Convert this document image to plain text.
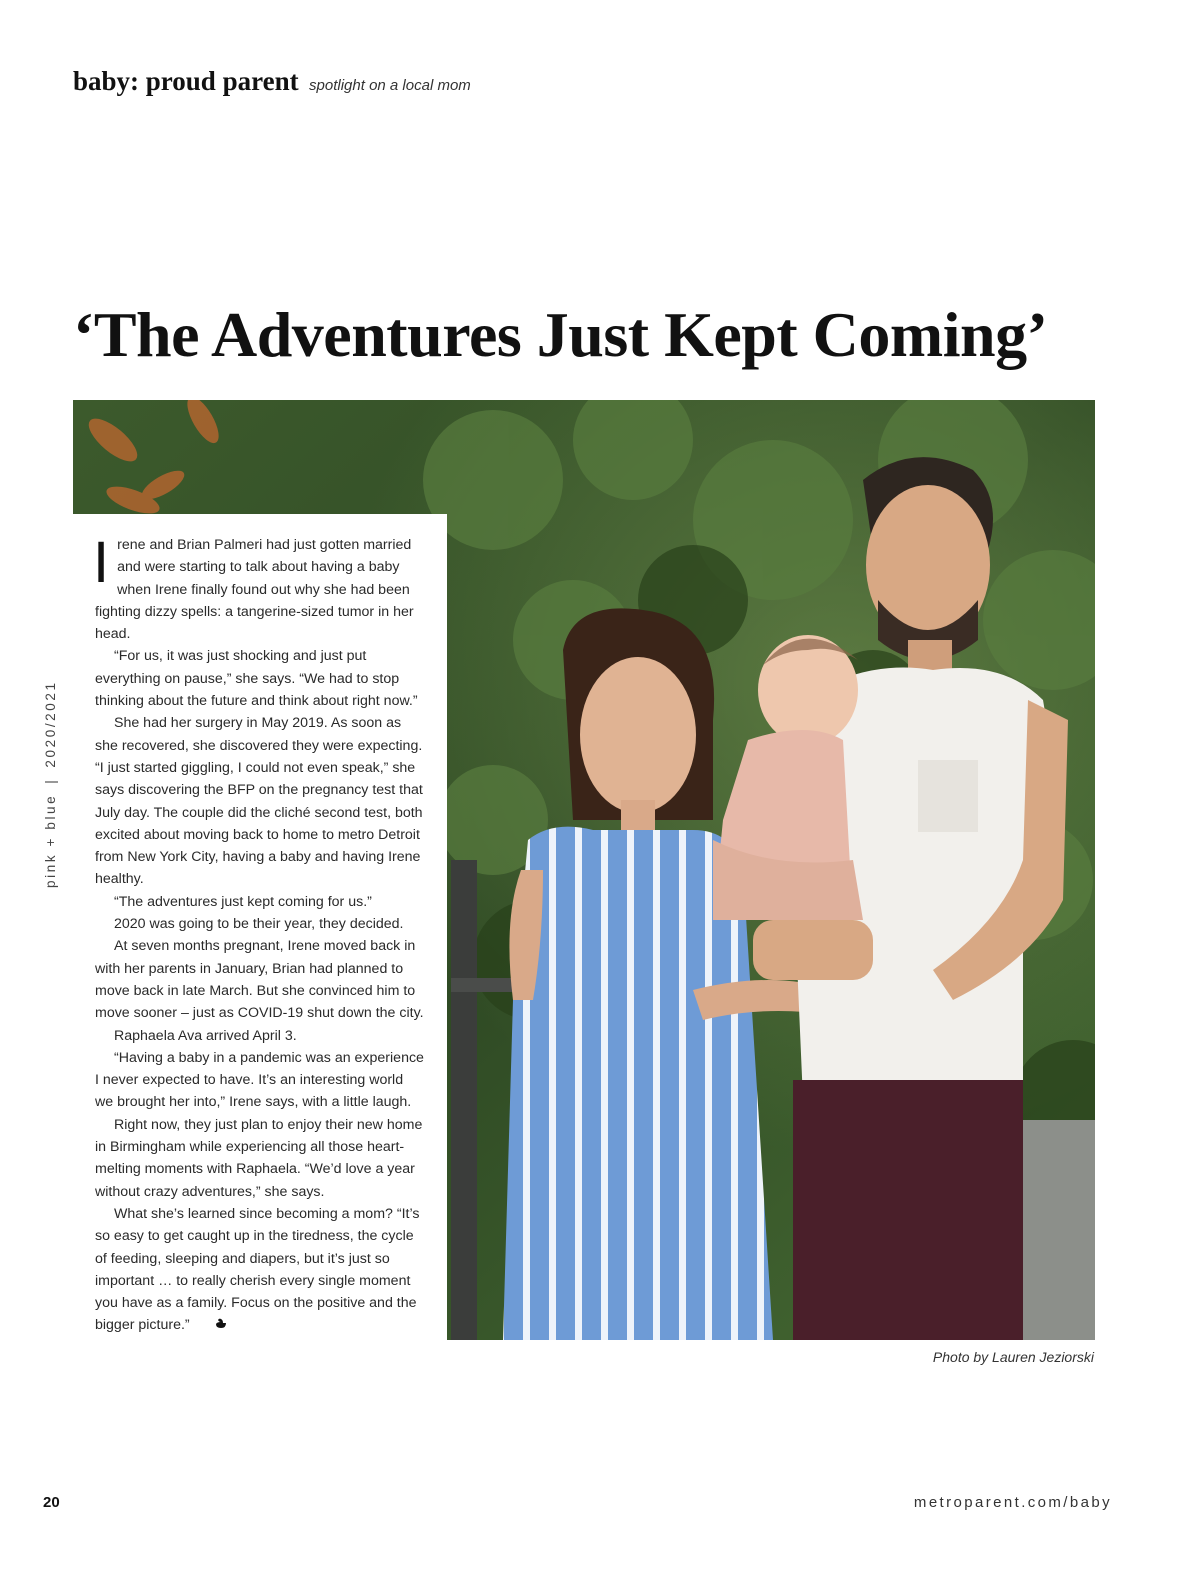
baby: proud parent spotlight on a local mom
‘The Adventures Just Kept Coming’
Photo by Lauren Jeziorski

Irene and Brian Palmeri had just gotten married and were starting to talk about having a baby when Irene finally found out why she had been fighting dizzy spells: a tangerine-sized tumor in her head.

“For us, it was just shocking and just put everything on pause,” she says. “We had to stop thinking about the future and think about right now.”

She had her surgery in May 2019. As soon as she recovered, she discovered they were expecting. “I just started giggling, I could not even speak,” she says discovering the BFP on the pregnancy test that July day. The couple did the cliché second test, both excited about moving back to home to metro Detroit from New York City, having a baby and having Irene healthy.

“The adventures just kept coming for us.”

2020 was going to be their year, they decided.

At seven months pregnant, Irene moved back in with her parents in January, Brian had planned to move back in late March. But she convinced him to move sooner – just as COVID-19 shut down the city.

Raphaela Ava arrived April 3.

“Having a baby in a pandemic was an experience I never expected to have. It’s an interesting world we brought her into,” Irene says, with a little laugh.

Right now, they just plan to enjoy their new home in Birmingham while experiencing all those heart-melting moments with Raphaela. “We’d love a year without crazy adventures,” she says.

What she’s learned since becoming a mom? “It’s so easy to get caught up in the tiredness, the cycle of feeding, sleeping and diapers, but it’s just so important … to really cherish every single moment you have as a family. Focus on the positive and the bigger picture.”

pink + blue|2020/2021
20	metroparent.com/baby
